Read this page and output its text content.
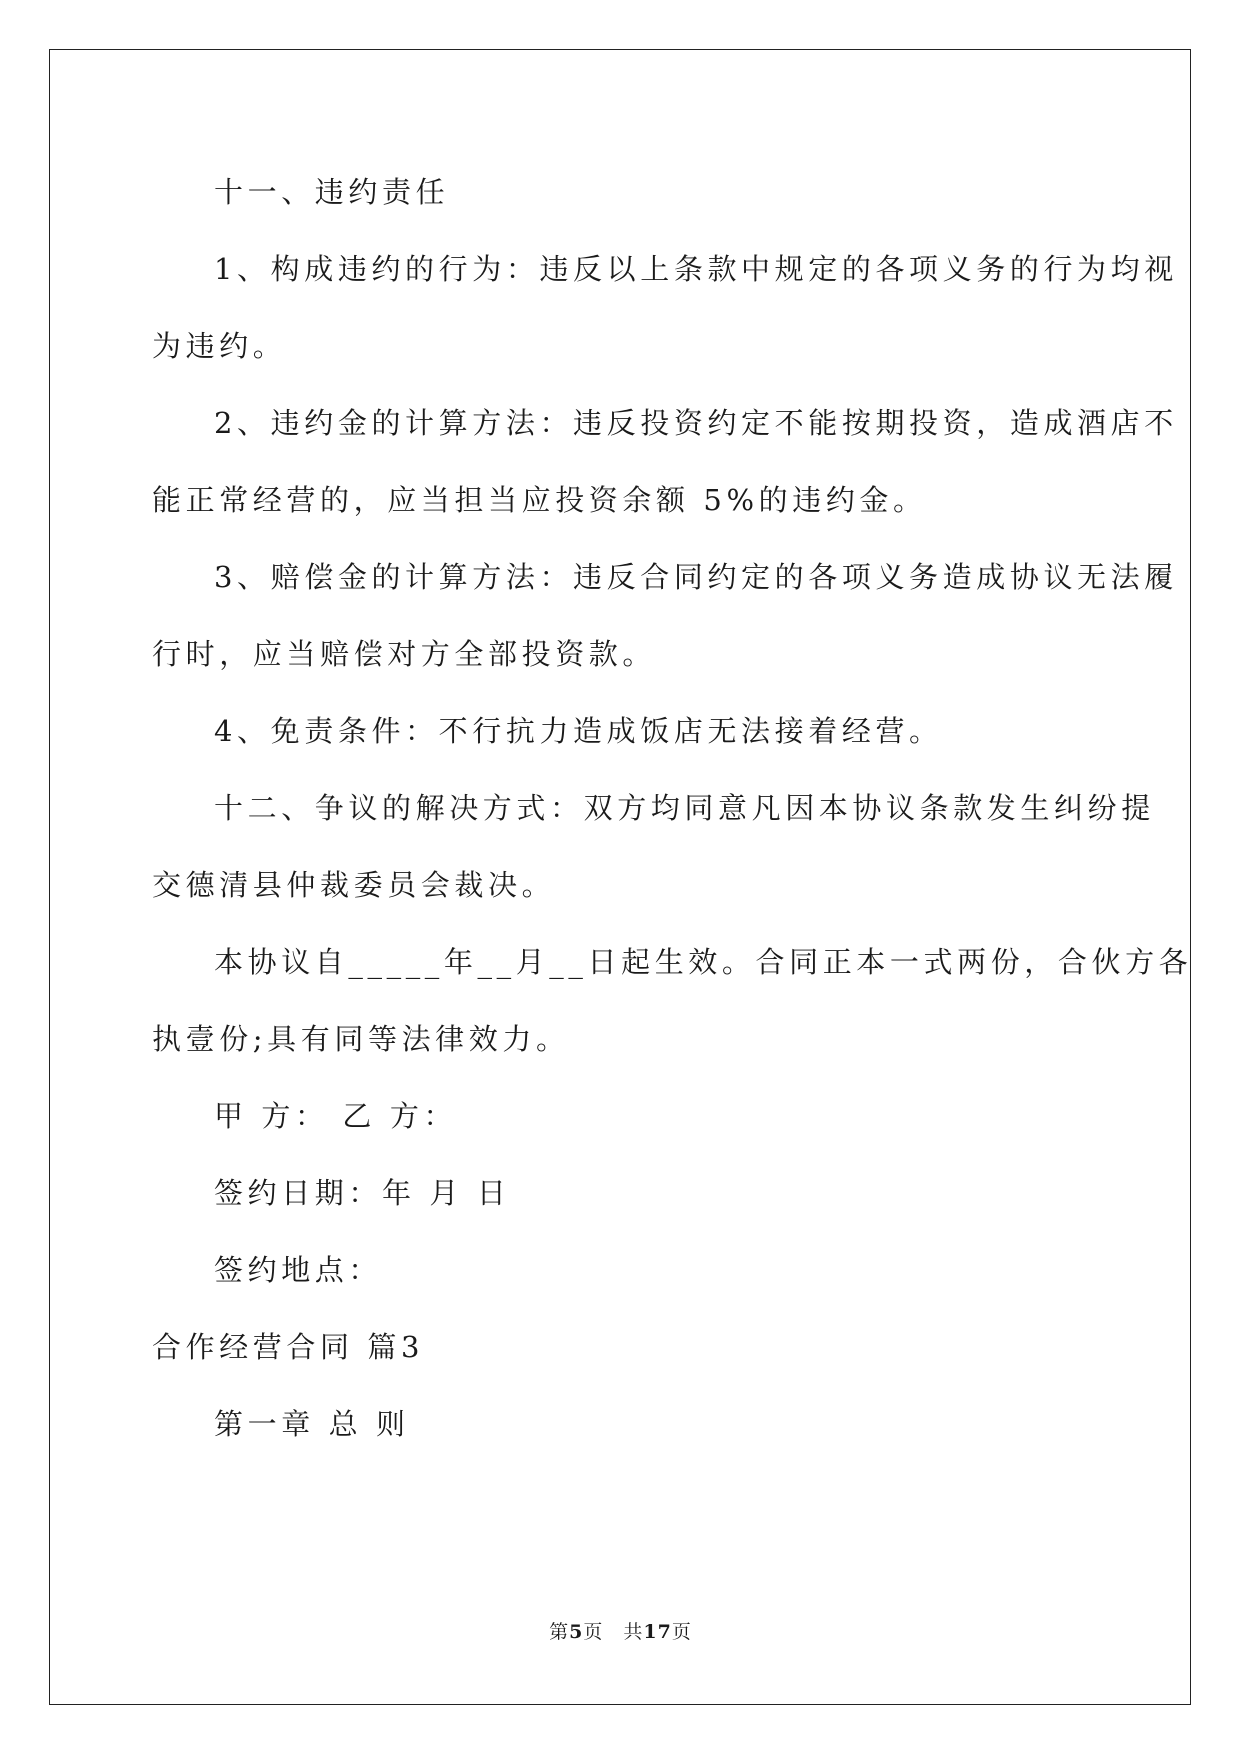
十一、违约责任
1、构成违约的行为：违反以上条款中规定的各项义务的行为均视
为违约。
2、违约金的计算方法：违反投资约定不能按期投资，造成酒店不
能正常经营的，应当担当应投资余额 5%的违约金。
3、赔偿金的计算方法：违反合同约定的各项义务造成协议无法履
行时，应当赔偿对方全部投资款。
4、免责条件：不行抗力造成饭店无法接着经营。
十二、争议的解决方式：双方均同意凡因本协议条款发生纠纷提
交德清县仲裁委员会裁决。
本协议自_____年__月__日起生效。合同正本一式两份，合伙方各
执壹份;具有同等法律效力。
甲 方： 乙 方：
签约日期：年 月 日
签约地点：
合作经营合同 篇3
第一章 总 则
第5页 共17页
